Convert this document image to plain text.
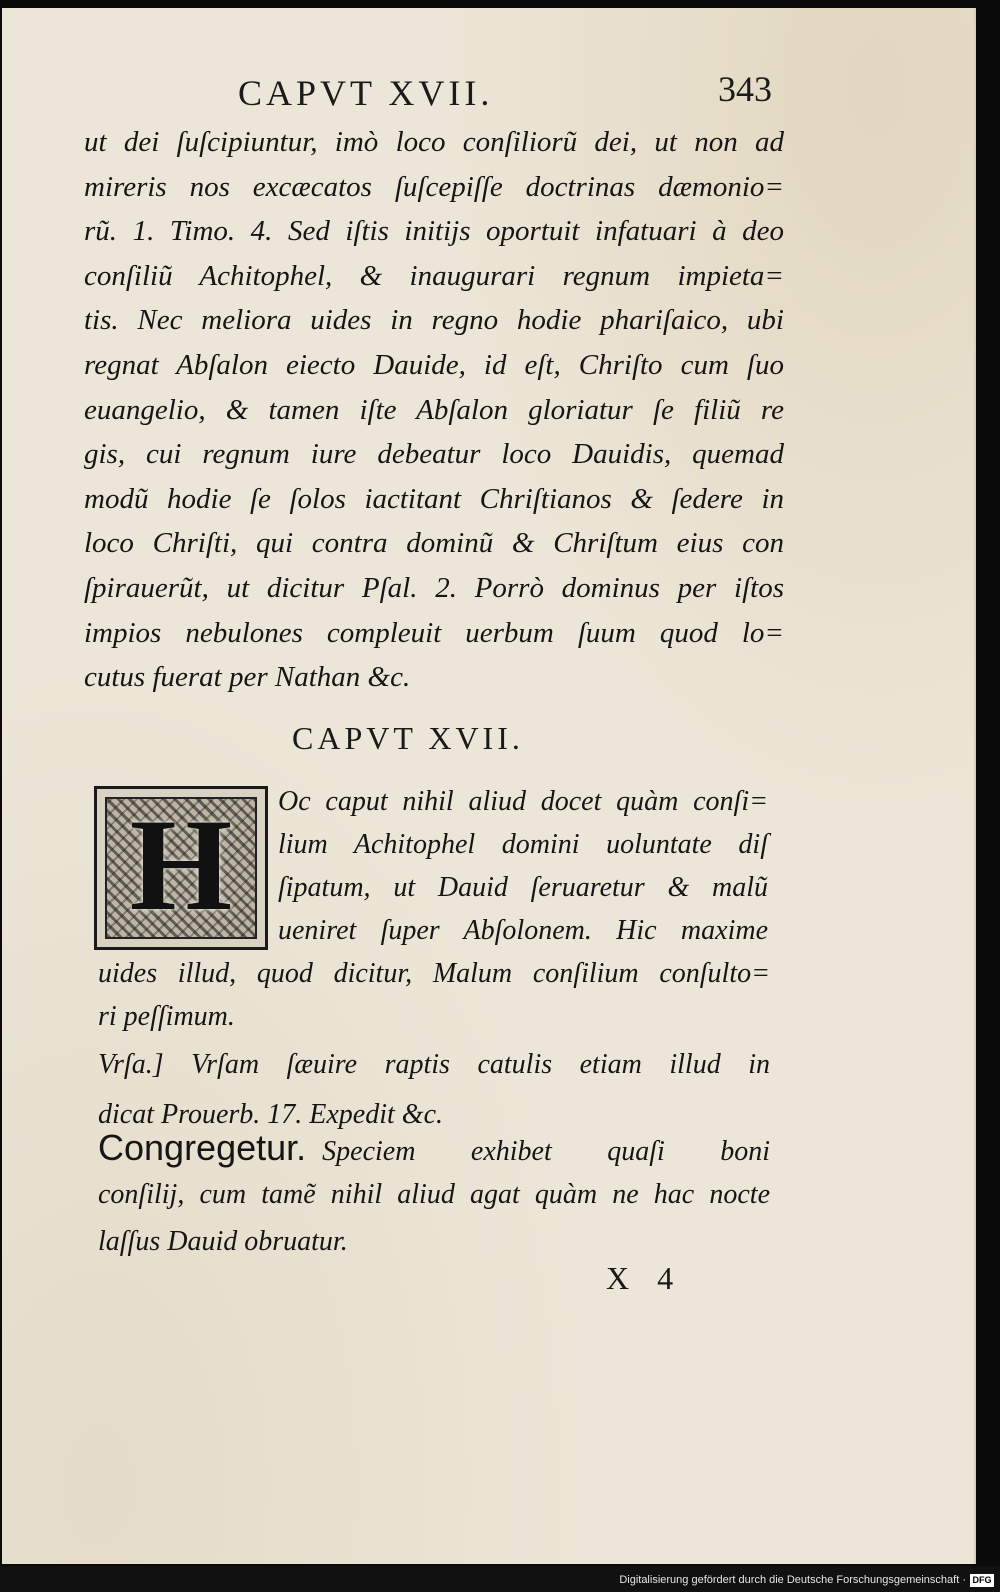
CAPVT XVII.	343
ut dei ſuſcipiuntur, imò loco conſiliorũ dei, ut non ad
mireris nos excæcatos ſuſcepiſſe doctrinas dæmonio=
rũ. 1. Timo. 4. Sed iſtis initijs oportuit infatuari à deo
conſiliũ Achitophel, & inaugurari regnum impieta=
tis. Nec meliora uides in regno hodie phariſaico, ubi
regnat Abſalon eiecto Dauide, id eſt, Chriſto cum ſuo
euangelio, & tamen iſte Abſalon gloriatur ſe filiũ re
gis, cui regnum iure debeatur loco Dauidis, quemad
modũ hodie ſe ſolos iactitant Chriſtianos & ſedere in
loco Chriſti, qui contra dominũ & Chriſtum eius con
ſpirauerũt, ut dicitur Pſal. 2. Porrò dominus per iſtos
impios nebulones compleuit uerbum ſuum quod lo=
cutus fuerat per Nathan &c.
CAPVT XVII.
H	Oc caput nihil aliud docet quàm conſi=
lium Achitophel domini uoluntate diſ
ſipatum, ut Dauid ſeruaretur & malũ
ueniret ſuper Abſolonem. Hic maxime
uides illud, quod dicitur, Malum conſilium conſulto=
ri peſſimum.
Vrſa.] Vrſam ſæuire raptis catulis etiam illud in
dicat Prouerb. 17. Expedit &c.
Congregetur. Speciem exhibet quaſi boni
conſilij, cum tamẽ nihil aliud agat quàm ne hac nocte
laſſus Dauid obruatur.
X 4
Digitalisierung gefördert durch die Deutsche Forschungsgemeinschaft · DFG
